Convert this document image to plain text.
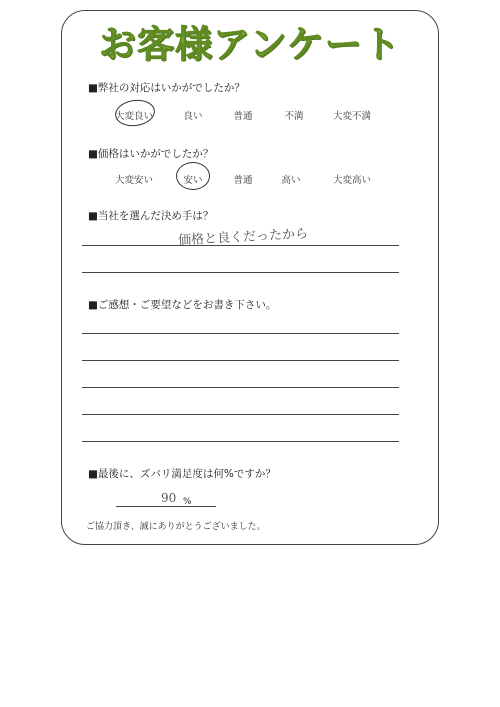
お客様アンケート
■弊社の対応はいかがでしたか？
大変良い	良い	普通	不満	大変不満
■価格はいかがでしたか？
大変安い	安い	普通	高い	大変高い
■当社を選んだ決め手は？
価格と良くだったから
■ご感想・ご要望などをお書き下さい。
■最後に、ズバリ満足度は何%ですか？
90 %
ご協力頂き、誠にありがとうございました。
